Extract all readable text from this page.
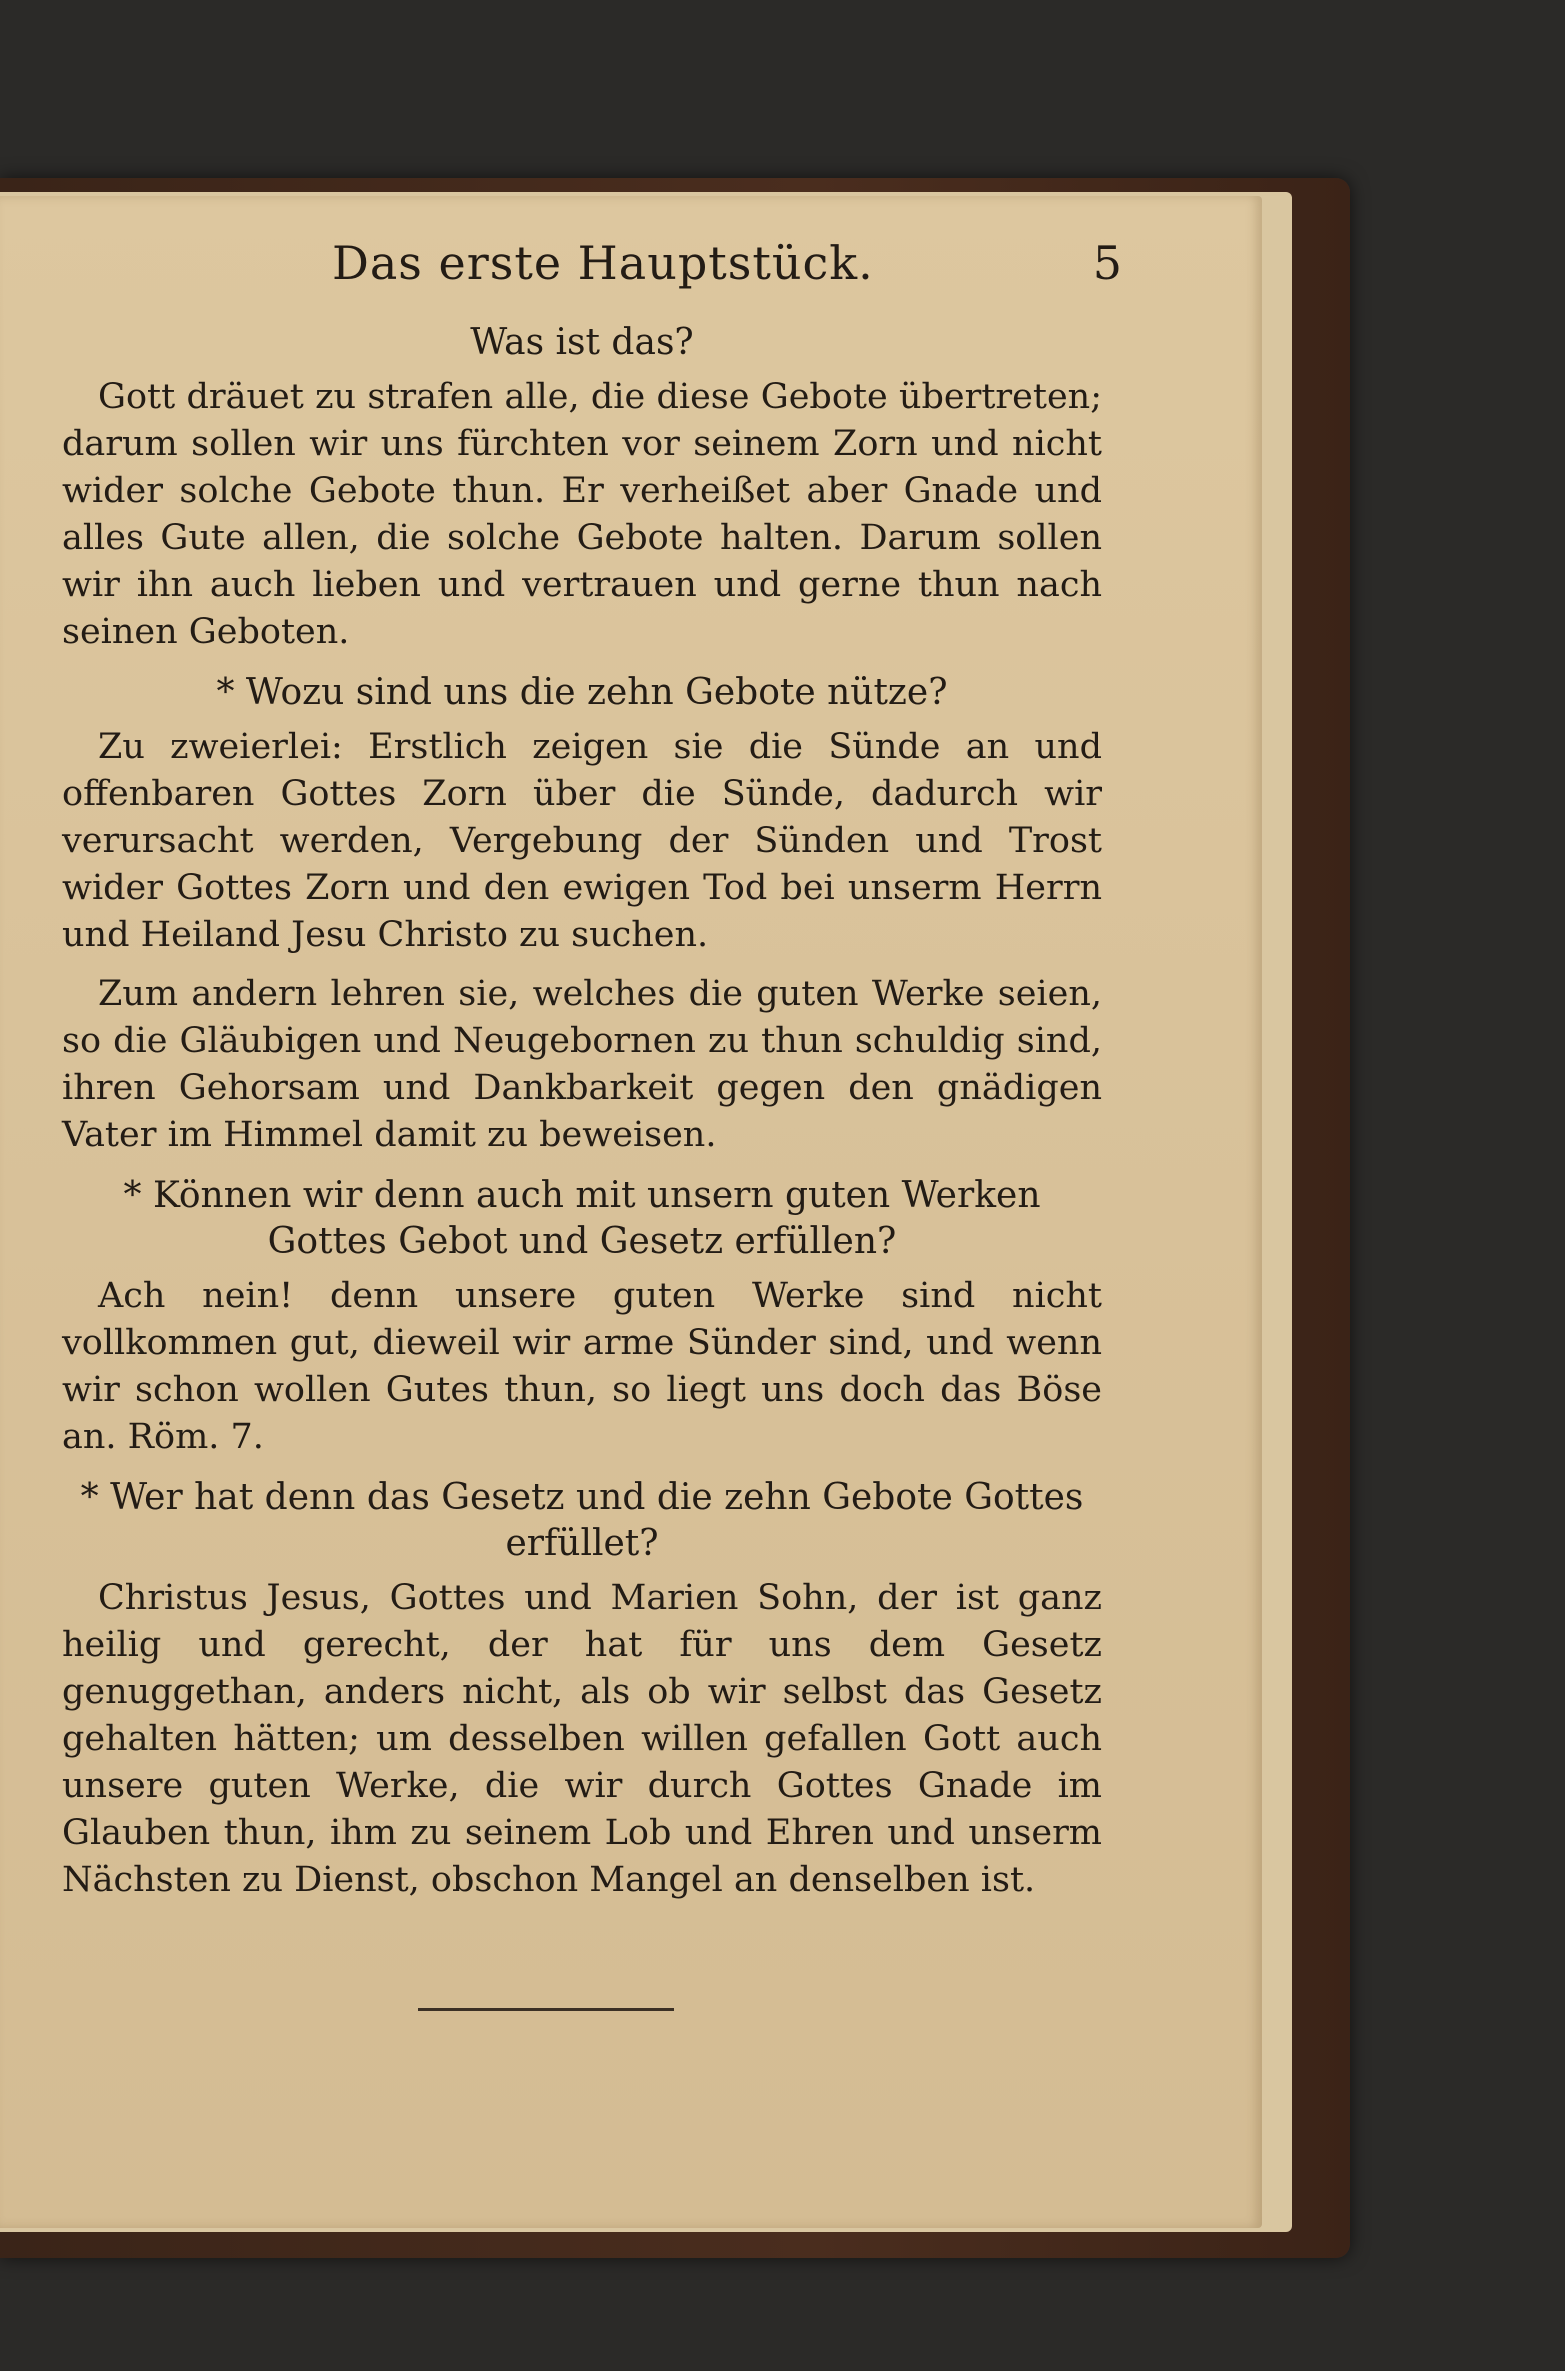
Das erste Hauptstück.	5
Was ist das?

Gott dräuet zu strafen alle, die diese Gebote übertreten; darum sollen wir uns fürchten vor seinem Zorn und nicht wider solche Gebote thun. Er verheißet aber Gnade und alles Gute allen, die solche Gebote halten. Darum sollen wir ihn auch lieben und vertrauen und gerne thun nach seinen Geboten.

* Wozu sind uns die zehn Gebote nütze?

Zu zweierlei: Erstlich zeigen sie die Sünde an und offenbaren Gottes Zorn über die Sünde, dadurch wir verursacht werden, Vergebung der Sünden und Trost wider Gottes Zorn und den ewigen Tod bei unserm Herrn und Heiland Jesu Christo zu suchen.

Zum andern lehren sie, welches die guten Werke seien, so die Gläubigen und Neugebornen zu thun schuldig sind, ihren Gehorsam und Dankbarkeit gegen den gnädigen Vater im Himmel damit zu beweisen.

* Können wir denn auch mit unsern guten Werken Gottes Gebot und Gesetz erfüllen?

Ach nein! denn unsere guten Werke sind nicht vollkommen gut, dieweil wir arme Sünder sind, und wenn wir schon wollen Gutes thun, so liegt uns doch das Böse an. Röm. 7.

* Wer hat denn das Gesetz und die zehn Gebote Gottes erfüllet?

Christus Jesus, Gottes und Marien Sohn, der ist ganz heilig und gerecht, der hat für uns dem Gesetz genuggethan, anders nicht, als ob wir selbst das Gesetz gehalten hätten; um desselben willen gefallen Gott auch unsere guten Werke, die wir durch Gottes Gnade im Glauben thun, ihm zu seinem Lob und Ehren und unserm Nächsten zu Dienst, obschon Mangel an denselben ist.
